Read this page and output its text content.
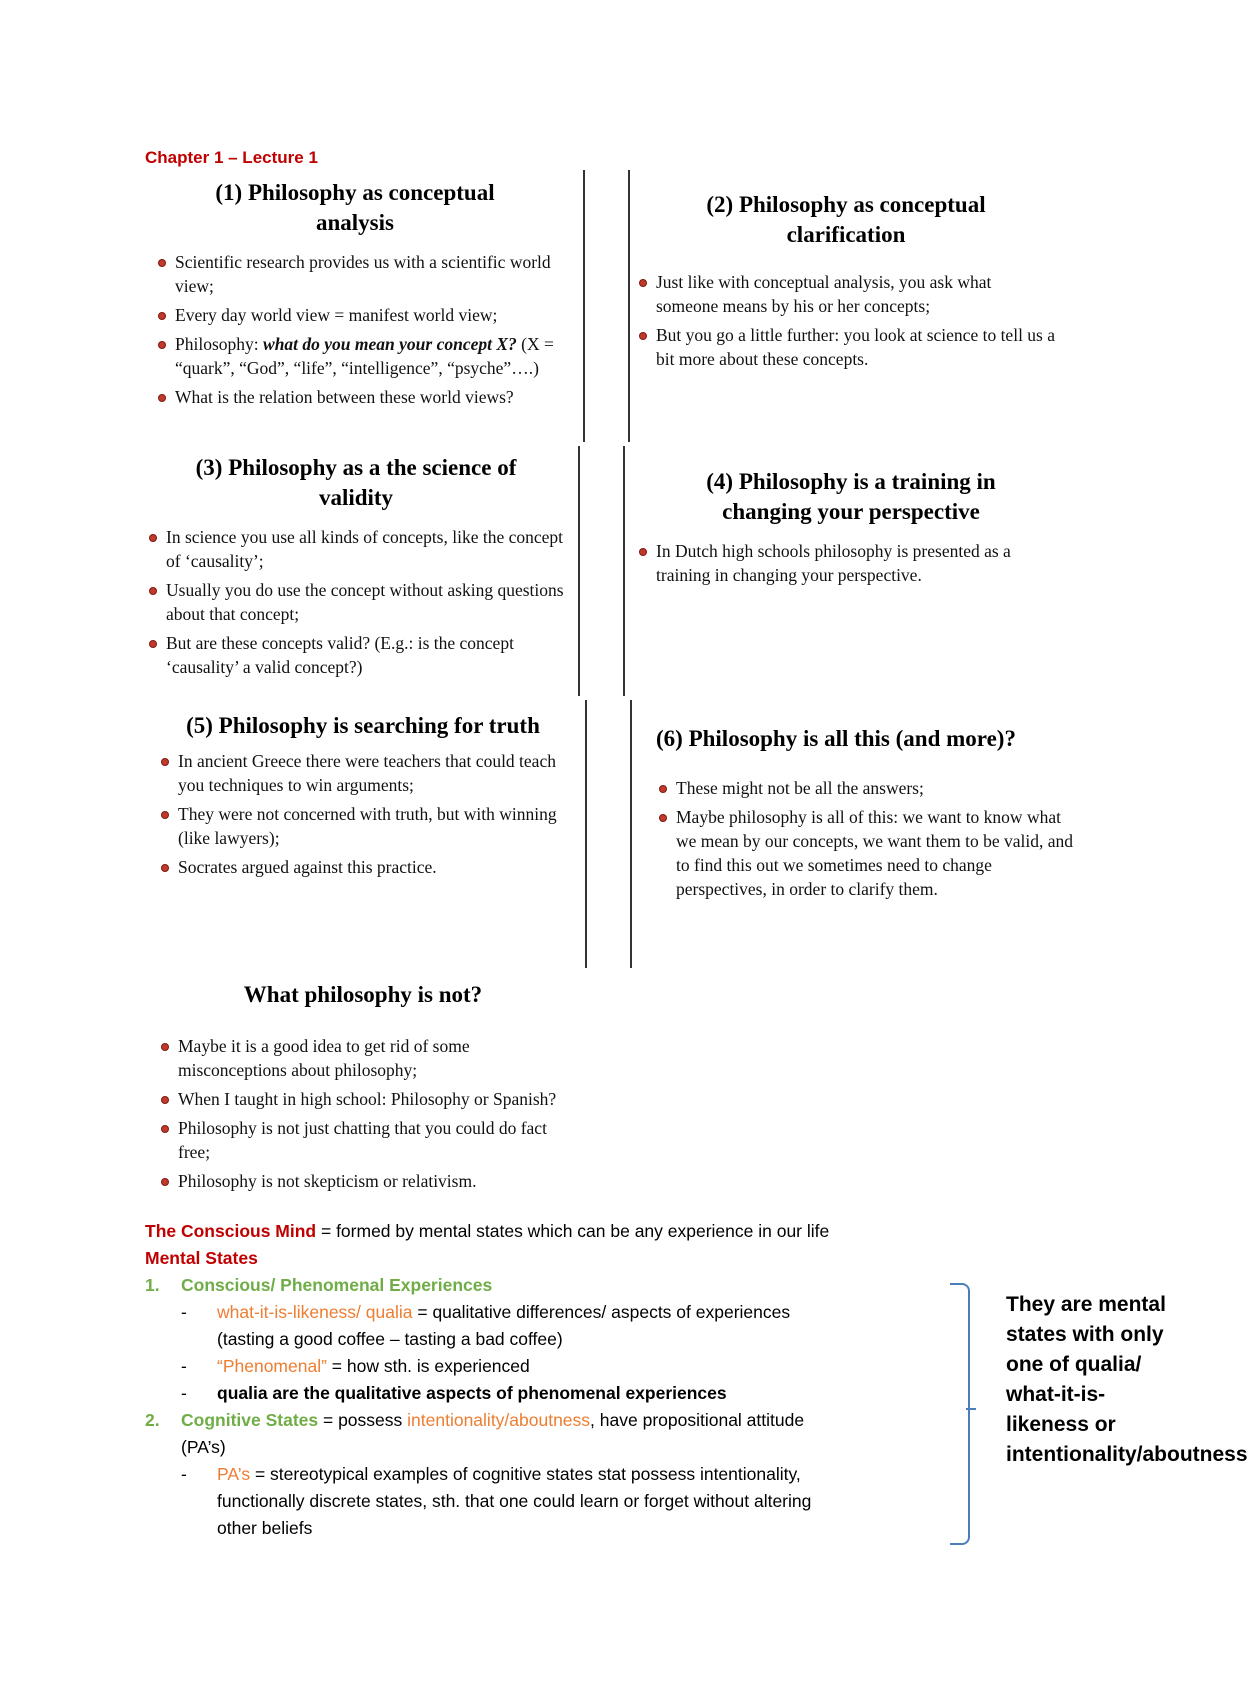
Chapter 1 – Lecture 1
(1) Philosophy as conceptual analysis
Scientific research provides us with a scientific world view;
Every day world view = manifest world view;
Philosophy: what do you mean your concept X? (X = “quark”, “God”, “life”, “intelligence”, “psyche”….)
What is the relation between these world views?
(2) Philosophy as conceptual clarification
Just like with conceptual analysis, you ask what someone means by his or her concepts;
But you go a little further: you look at science to tell us a bit more about these concepts.
(3) Philosophy as a the science of validity
In science you use all kinds of concepts, like the concept of ‘causality’;
Usually you do use the concept without asking questions about that concept;
But are these concepts valid? (E.g.: is the concept ‘causality’ a valid concept?)
(4) Philosophy is a training in changing your perspective
In Dutch high schools philosophy is presented as a training in changing your perspective.
(5) Philosophy is searching for truth
In ancient Greece there were teachers that could teach you techniques to win arguments;
They were not concerned with truth, but with winning (like lawyers);
Socrates argued against this practice.
(6) Philosophy is all this (and more)?
These might not be all the answers;
Maybe philosophy is all of this: we want to know what we mean by our concepts, we want them to be valid, and to find this out we sometimes need to change perspectives, in order to clarify them.
What philosophy is not?
Maybe it is a good idea to get rid of some misconceptions about philosophy;
When I taught in high school: Philosophy or Spanish?
Philosophy is not just chatting that you could do fact free;
Philosophy is not skepticism or relativism.
The Conscious Mind = formed by mental states which can be any experience in our life
Mental States
1. Conscious/ Phenomenal Experiences
- what-it-is-likeness/ qualia = qualitative differences/ aspects of experiences
(tasting a good coffee – tasting a bad coffee)
- “Phenomenal” = how sth. is experienced
- qualia are the qualitative aspects of phenomenal experiences
2. Cognitive States = possess intentionality/aboutness, have propositional attitude
(PA’s)
- PA’s = stereotypical examples of cognitive states stat possess intentionality,
functionally discrete states, sth. that one could learn or forget without altering
other beliefs
They are mental states with only one of qualia/ what-it-is-likeness or intentionality/aboutness
